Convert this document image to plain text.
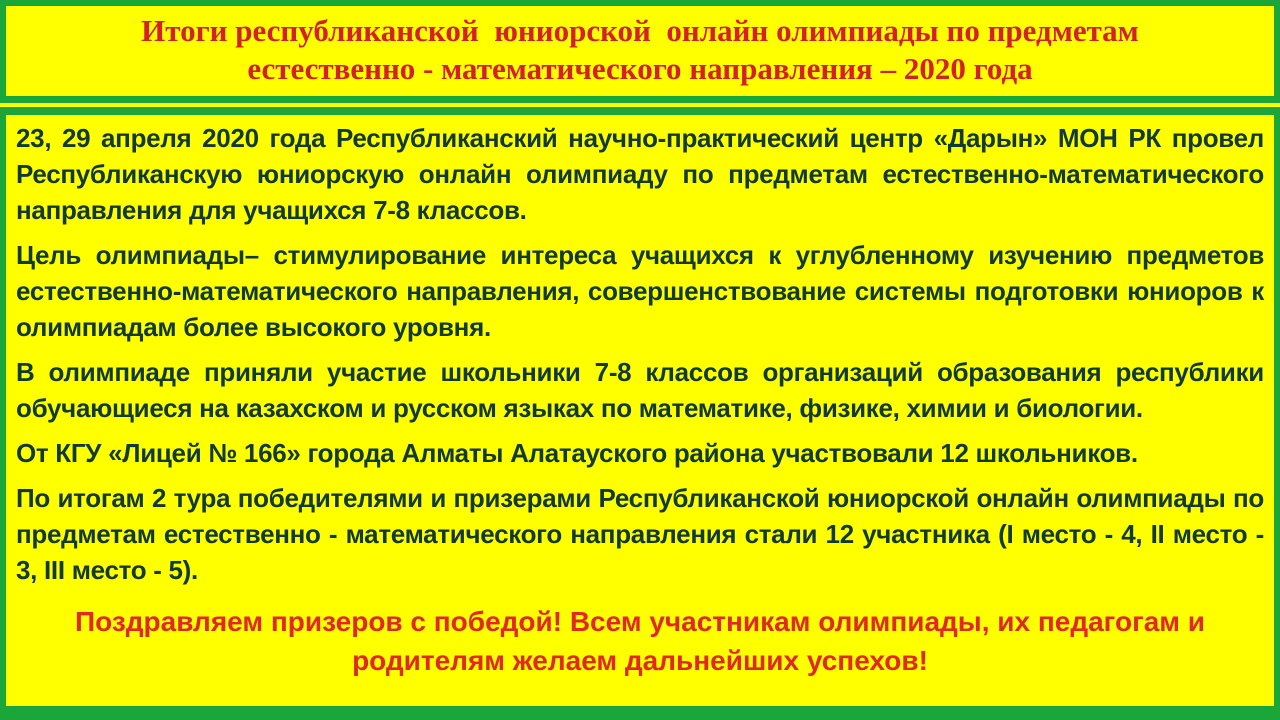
Итоги республиканской  юниорской  онлайн олимпиады по предметам
естественно - математического направления – 2020 года

23, 29 апреля 2020 года Республиканский научно-практический центр «Дарын» МОН РК провел Республиканскую юниорскую онлайн олимпиаду по предметам естественно-математического направления для учащихся 7-8 классов.

Цель олимпиады– стимулирование интереса учащихся к углубленному изучению предметов естественно-математического направления, совершенствование системы подготовки юниоров к олимпиадам более высокого уровня.

В олимпиаде приняли участие школьники 7-8 классов организаций образования республики обучающиеся на казахском и русском языках по математике, физике, химии и биологии.

От КГУ «Лицей № 166» города Алматы Алатауского района участвовали 12 школьников.

По итогам 2 тура победителями и призерами Республиканской юниорской онлайн олимпиады по предметам естественно - математического направления стали 12 участника (I место - 4, II место - 3, III место - 5).

Поздравляем призеров с победой! Всем участникам олимпиады, их педагогам и родителям желаем дальнейших успехов!
